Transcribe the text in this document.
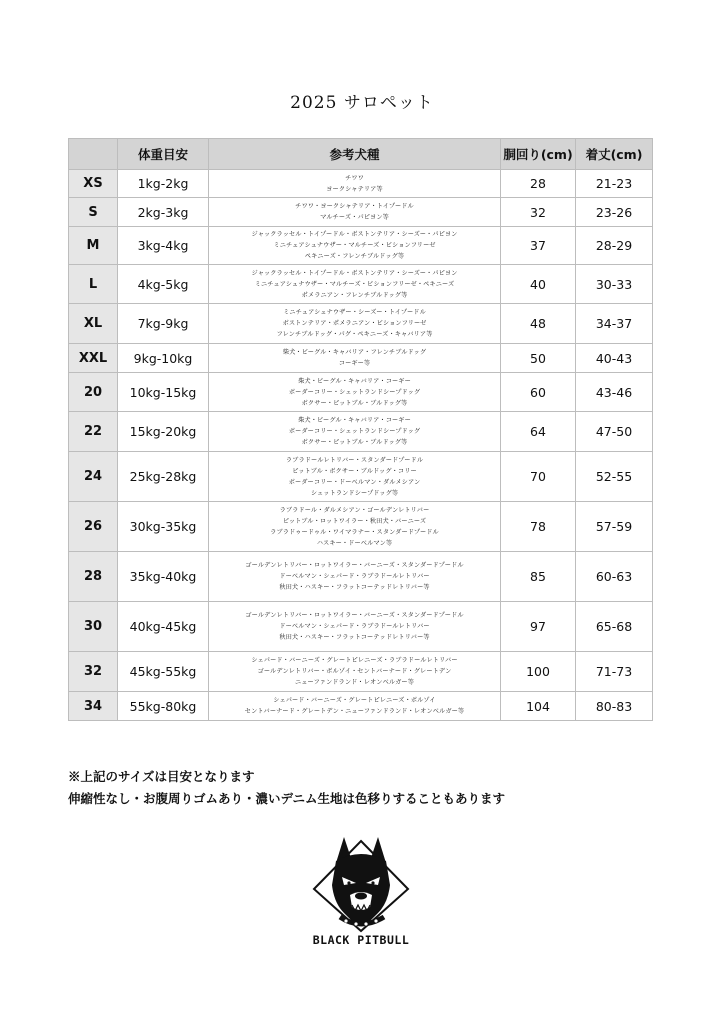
2025 サロペット
	体重目安	参考犬種	胴回り(cm)	着丈(cm)
XS	1kg-2kg	チワワ
ヨークシャテリア等	28	21-23
S	2kg-3kg	チワワ・ヨークシャテリア・トイプードル
マルチーズ・パピヨン等	32	23-26
M	3kg-4kg	ジャックラッセル・トイプードル・ボストンテリア・シーズー・パピヨン
ミニチュアシュナウザー・マルチーズ・ビションフリーゼ
ペキニーズ・フレンチブルドッグ等	37	28-29
L	4kg-5kg	ジャックラッセル・トイプードル・ボストンテリア・シーズー・パピヨン
ミニチュアシュナウザー・マルチーズ・ビションフリーゼ・ペキニーズ
ポメラニアン・フレンチブルドッグ等	40	30-33
XL	7kg-9kg	ミニチュアシュナウザー・シーズー・トイプードル
ボストンテリア・ポメラニアン・ビションフリーゼ
フレンチブルドッグ・パグ・ペキニーズ・キャバリア等	48	34-37
XXL	9kg-10kg	柴犬・ビーグル・キャバリア・フレンチブルドッグ
コーギー等	50	40-43
20	10kg-15kg	柴犬・ビーグル・キャバリア・コーギー
ボーダーコリー・シェットランドシープドッグ
ボクサー・ピットブル・ブルドッグ等	60	43-46
22	15kg-20kg	柴犬・ビーグル・キャバリア・コーギー
ボーダーコリー・シェットランドシープドッグ
ボクサー・ピットブル・ブルドッグ等	64	47-50
24	25kg-28kg	ラブラドールレトリバー・スタンダードプードル
ピットブル・ボクサー・ブルドッグ・コリー
ボーダーコリー・ドーベルマン・ダルメシアン
シェットランドシープドッグ等	70	52-55
26	30kg-35kg	ラブラドール・ダルメシアン・ゴールデンレトリバー
ピットブル・ロットワイラー・秋田犬・バーニーズ
ラブラドゥードゥル・ワイマラナー・スタンダードプードル
ハスキー・ドーベルマン等	78	57-59
28	35kg-40kg	ゴールデンレトリバー・ロットワイラー・バーニーズ・スタンダードプードル
ドーベルマン・シェパード・ラブラドールレトリバー
秋田犬・ハスキー・フラットコーテッドレトリバー等	85	60-63
30	40kg-45kg	ゴールデンレトリバー・ロットワイラー・バーニーズ・スタンダードプードル
ドーベルマン・シェパード・ラブラドールレトリバー
秋田犬・ハスキー・フラットコーテッドレトリバー等	97	65-68
32	45kg-55kg	シェパード・バーニーズ・グレートピレニーズ・ラブラドールレトリバー
ゴールデンレトリバー・ボルゾイ・セントバーナード・グレートデン
ニューファンドランド・レオンベルガー等	100	71-73
34	55kg-80kg	シェパード・バーニーズ・グレートピレニーズ・ボルゾイ
セントバーナード・グレートデン・ニューファンドランド・レオンベルガー等	104	80-83
※上記のサイズは目安となります
伸縮性なし・お腹周りゴムあり・濃いデニム生地は色移りすることもあります
BLACK PITBULL
